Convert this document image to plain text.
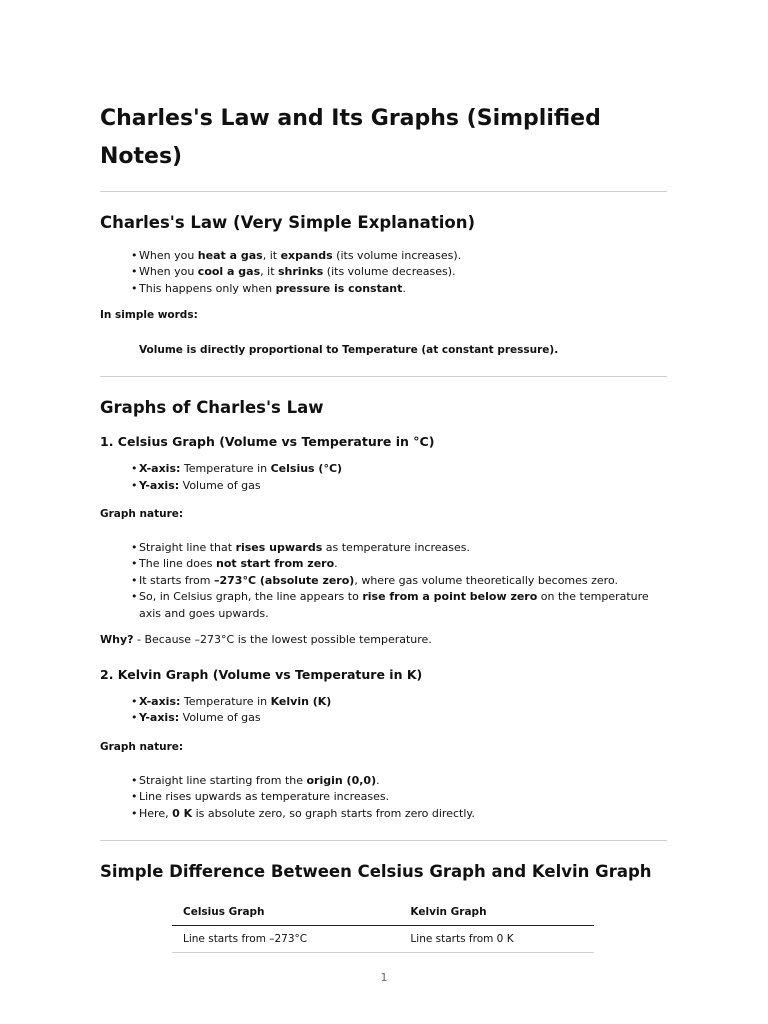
Charles's Law and Its Graphs (Simplified Notes)
Charles's Law (Very Simple Explanation)
• When you heat a gas, it expands (its volume increases).
• When you cool a gas, it shrinks (its volume decreases).
• This happens only when pressure is constant.

In simple words:

Volume is directly proportional to Temperature (at constant pressure).

Graphs of Charles's Law
1. Celsius Graph (Volume vs Temperature in °C)
• X-axis: Temperature in Celsius (°C)
• Y-axis: Volume of gas

Graph nature:

• Straight line that rises upwards as temperature increases.
• The line does not start from zero.
• It starts from –273°C (absolute zero), where gas volume theoretically becomes zero.
• So, in Celsius graph, the line appears to rise from a point below zero on the temperature axis and goes upwards.

Why? - Because –273°C is the lowest possible temperature.

2. Kelvin Graph (Volume vs Temperature in K)
• X-axis: Temperature in Kelvin (K)
• Y-axis: Volume of gas

Graph nature:

• Straight line starting from the origin (0,0).
• Line rises upwards as temperature increases.
• Here, 0 K is absolute zero, so graph starts from zero directly.
Simple Difference Between Celsius Graph and Kelvin Graph
Celsius Graph	Kelvin Graph
Line starts from –273°C	Line starts from 0 K
1
